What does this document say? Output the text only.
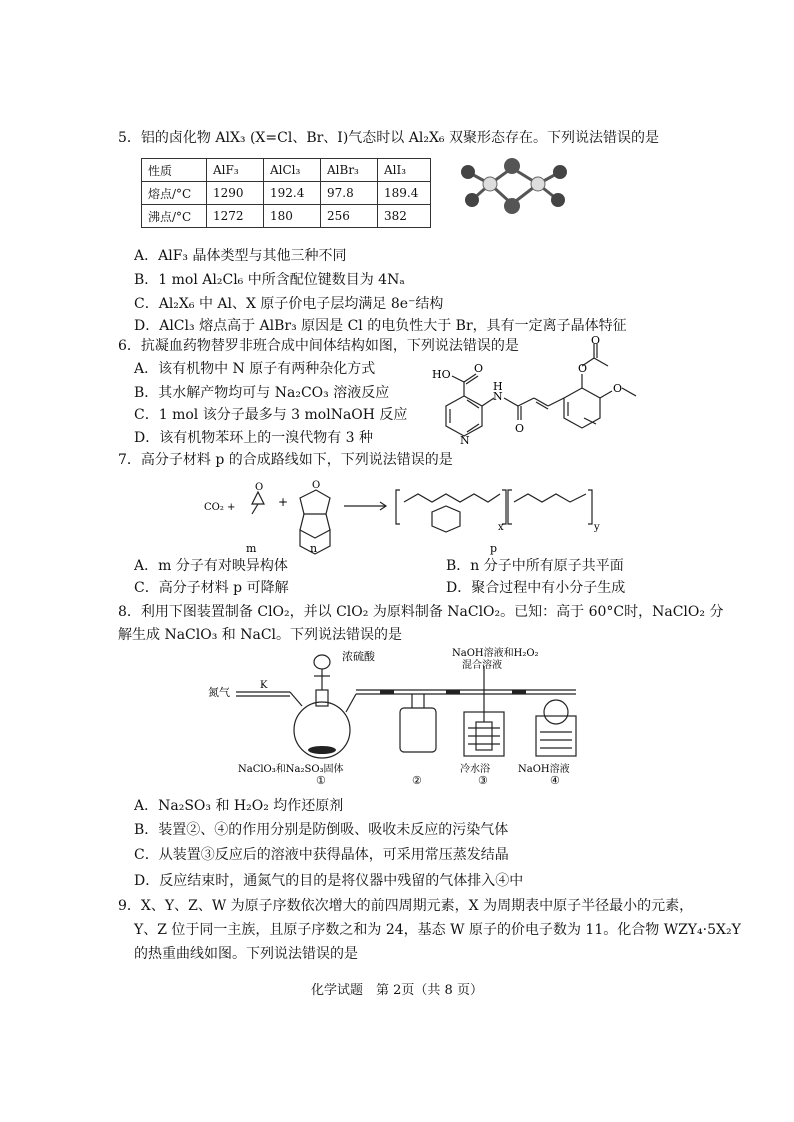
5．铝的卤化物 AlX₃ (X=Cl、Br、I)气态时以 Al₂X₆ 双聚形态存在。下列说法错误的是
性质	AlF₃	AlCl₃	AlBr₃	AlI₃
熔点/°C	1290	192.4	97.8	189.4
沸点/°C	1272	180	256	382
A．AlF₃ 晶体类型与其他三种不同
B．1 mol Al₂Cl₆ 中所含配位键数目为 4Nₐ
C．Al₂X₆ 中 Al、X 原子价电子层均满足 8e⁻结构
D．AlCl₃ 熔点高于 AlBr₃ 原因是 Cl 的电负性大于 Br，具有一定离子晶体特征
6．抗凝血药物替罗非班合成中间体结构如图，下列说法错误的是
A．该有机物中 N 原子有两种杂化方式
B．其水解产物均可与 Na₂CO₃ 溶液反应
C．1 mol 该分子最多与 3 molNaOH 反应
D．该有机物苯环上的一溴代物有 3 种
HO O
N
H
N
O
O
O
O
7．高分子材料 p 的合成路线如下，下列说法错误的是
CO₂ +	+
O	O
x	y
m	n	p
A．m 分子有对映异构体	B．n 分子中所有原子共平面
C．高分子材料 p 可降解	D．聚合过程中有小分子生成
8．利用下图装置制备 ClO₂，并以 ClO₂ 为原料制备 NaClO₂。已知：高于 60°C时，NaClO₂ 分
解生成 NaClO₃ 和 NaCl。下列说法错误的是
浓硫酸	NaOH溶液和H₂O₂
混合溶液
氮气
K
NaClO₃和Na₂SO₃固体	冷水浴	NaOH溶液
①	②	③	④
A．Na₂SO₃ 和 H₂O₂ 均作还原剂
B．装置②、④的作用分别是防倒吸、吸收未反应的污染气体
C．从装置③反应后的溶液中获得晶体，可采用常压蒸发结晶
D．反应结束时，通氮气的目的是将仪器中残留的气体排入④中
9．X、Y、Z、W 为原子序数依次增大的前四周期元素，X 为周期表中原子半径最小的元素，
Y、Z 位于同一主族，且原子序数之和为 24，基态 W 原子的价电子数为 11。化合物 WZY₄·5X₂Y
的热重曲线如图。下列说法错误的是
化学试题　第 2页（共 8 页）
